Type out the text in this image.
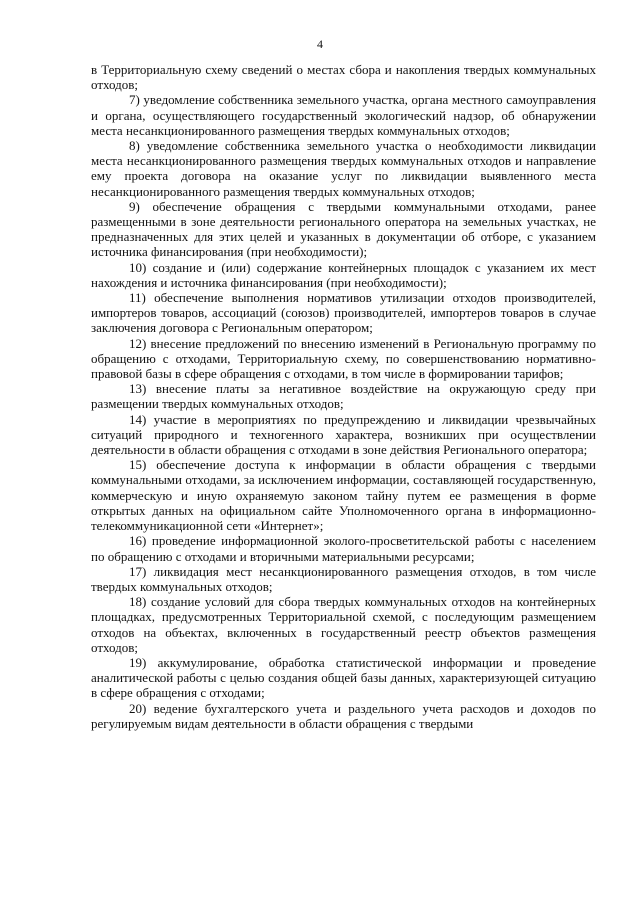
4

в Территориальную схему сведений о местах сбора и накопления твердых коммунальных отходов;

7) уведомление собственника земельного участка, органа местного самоуправления и органа, осуществляющего государственный экологический надзор, об обнаружении места несанкционированного размещения твердых коммунальных отходов;

8) уведомление собственника земельного участка о необходимости ликвидации места несанкционированного размещения твердых коммунальных отходов и направление ему проекта договора на оказание услуг по ликвидации выявленного места несанкционированного размещения твердых коммунальных отходов;

9) обеспечение обращения с твердыми коммунальными отходами, ранее размещенными в зоне деятельности регионального оператора на земельных участках, не предназначенных для этих целей и указанных в документации об отборе, с указанием источника финансирования (при необходимости);

10) создание и (или) содержание контейнерных площадок с указанием их мест нахождения и источника финансирования (при необходимости);

11) обеспечение выполнения нормативов утилизации отходов производителей, импортеров товаров, ассоциаций (союзов) производителей, импортеров товаров в случае заключения договора с Региональным оператором;

12) внесение предложений по внесению изменений в Региональную программу по обращению с отходами, Территориальную схему, по совершенствованию нормативно-правовой базы в сфере обращения с отходами, в том числе в формировании тарифов;

13) внесение платы за негативное воздействие на окружающую среду при размещении твердых коммунальных отходов;

14) участие в мероприятиях по предупреждению и ликвидации чрезвычайных ситуаций природного и техногенного характера, возникших при осуществлении деятельности в области обращения с отходами в зоне действия Регионального оператора;

15) обеспечение доступа к информации в области обращения с твердыми коммунальными отходами, за исключением информации, составляющей государственную, коммерческую и иную охраняемую законом тайну путем ее размещения в форме открытых данных на официальном сайте Уполномоченного органа в информационно-телекоммуникационной сети «Интернет»;

16) проведение информационной эколого-просветительской работы с населением по обращению с отходами и вторичными материальными ресурсами;

17) ликвидация мест несанкционированного размещения отходов, в том числе твердых коммунальных отходов;

18) создание условий для сбора твердых коммунальных отходов на контейнерных площадках, предусмотренных Территориальной схемой, с последующим размещением отходов на объектах, включенных в государственный реестр объектов размещения отходов;

19) аккумулирование, обработка статистической информации и проведение аналитической работы с целью создания общей базы данных, характеризующей ситуацию в сфере обращения с отходами;

20) ведение бухгалтерского учета и раздельного учета расходов и доходов по регулируемым видам деятельности в области обращения с твердыми
